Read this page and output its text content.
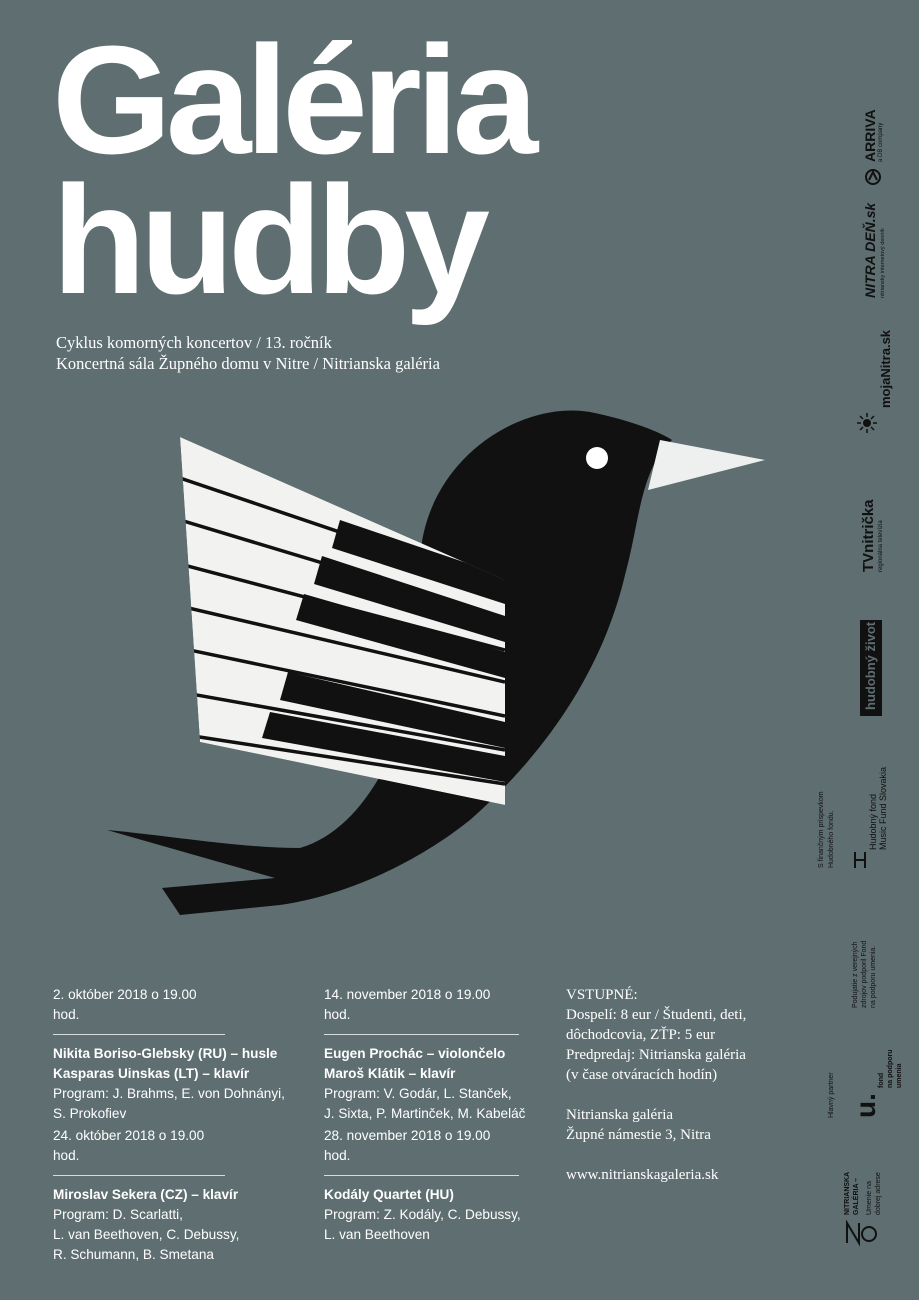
Galéria
hudby
Cyklus komorných koncertov / 13. ročník
Koncertná sála Župného domu v Nitre / Nitrianska galéria
2. október 2018 o 19.00 hod.
Nikita Boriso-Glebsky (RU) – husle
Kasparas Uinskas (LT) – klavír
Program: J. Brahms, E. von Dohnányi,
S. Prokofiev
24. október 2018 o 19.00 hod.
Miroslav Sekera (CZ) – klavír
Program: D. Scarlatti,
L. van Beethoven, C. Debussy,
R. Schumann, B. Smetana
14. november 2018 o 19.00 hod.
Eugen Prochác – violončelo
Maroš Klátik – klavír
Program: V. Godár, L. Stanček,
J. Sixta, P. Martinček, M. Kabeláč
28. november 2018 o 19.00 hod.
Kodály Quartet (HU)
Program: Z. Kodály, C. Debussy,
L. van Beethoven
VSTUPNÉ:
Dospelí: 8 eur / Študenti, deti,
dôchodcovia, ZŤP: 5 eur
Predpredaj: Nitrianska galéria
(v čase otváracích hodín)
Nitrianska galéria
Župné námestie 3, Nitra
www.nitrianskagaleria.sk
ARRIVA a DB company
NITRA DEŇ.sk nitriansky internetový denník
mojaNitra.sk
TVnitrička regionálna televízia
hudobný život
S finančným príspevkom Hudobného fondu.	Hudobný fond Music Fund Slovakia
Podujatie z verejných zdrojov podporil Fond na podporu umenia.
Hlavný partner u.
fond na podporu umenia
NITRIANSKA GALÉRIA – Umenie na dobrej adrese
